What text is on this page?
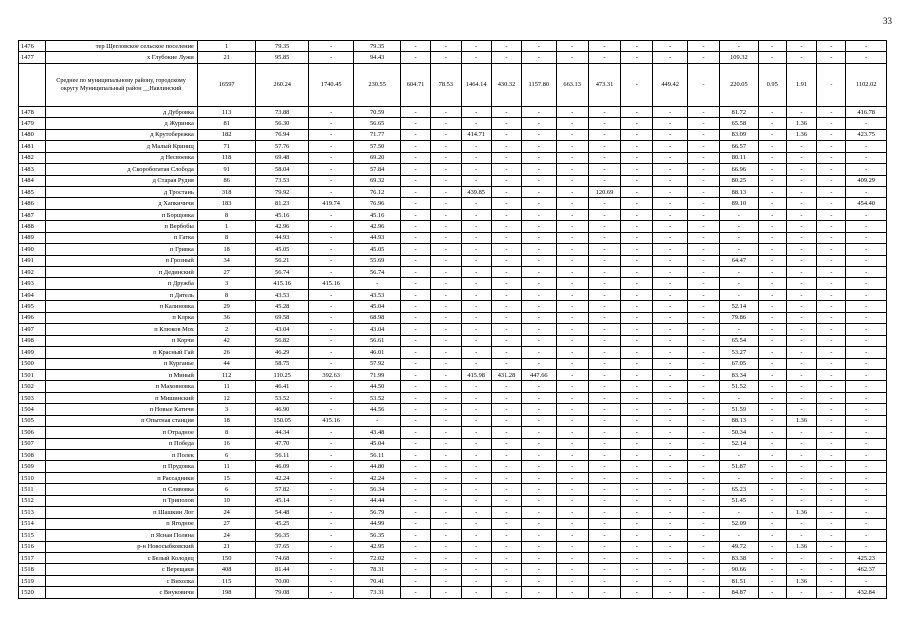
33
1476	тер Щегловское сельское поселение	1	79.35	-	79.35	-	-	-	-	-	-	-	-	-	-	-	-	-	-	-
1477	х Глубокие Лужи	21	95.85	-	94.43	-	-	-	-	-	-	-	-	-	-	109.32	-	-	-	-
	Среднее по муниципальному району, городскому округу Муниципальный район __Навлинский	16597	260.24	1740.45	230.55	604.71	78.53	1464.14	430.32	1157.80	663.13	473.31	-	449.42	-	220.05	0.95	1.91	-	1102.02
1478	д Дубровка	113	73.88	-	70.59	-	-	-	-	-	-	-	-	-	-	81.72	-	-	-	416.78
1479	д Журинка	81	56.30	-	56.65	-	-	-	-	-	-	-	-	-	-	65.58	-	1.36	-	-
1480	д Крутобережка	182	76.94	-	71.77	-	-	414.71	-	-	-	-	-	-	-	83.09	-	1.36	-	423.75
1481	д Малый Криниц	71	57.76	-	57.50	-	-	-	-	-	-	-	-	-	-	66.57	-	-	-	-
1482	д Несвоевка	118	69.48	-	69.20	-	-	-	-	-	-	-	-	-	-	80.11	-	-	-	-
1483	д Скоробогатая Слобода	91	58.04	-	57.84	-	-	-	-	-	-	-	-	-	-	66.96	-	-	-	-
1484	д Старая Рудня	86	73.53	-	69.32	-	-	-	-	-	-	-	-	-	-	80.25	-	-	-	409.29
1485	д Тростань	318	79.92	-	76.12	-	-	439.85	-	-	-	120.69	-	-	-	88.13	-	-	-	-
1486	д Хапкичичи	183	81.23	419.74	76.96	-	-	-	-	-	-	-	-	-	-	89.10	-	-	-	454.40
1487	п Борщовка	8	45.16	-	45.16	-	-	-	-	-	-	-	-	-	-	-	-	-	-	-
1488	п Вербобы	1	42.96	-	42.96	-	-	-	-	-	-	-	-	-	-	-	-	-	-	-
1489	п Гатка	8	44.93	-	44.93	-	-	-	-	-	-	-	-	-	-	-	-	-	-	-
1490	п Гривка	18	45.05	-	45.05	-	-	-	-	-	-	-	-	-	-	-	-	-	-	-
1491	п Грозный	34	56.21	-	55.69	-	-	-	-	-	-	-	-	-	-	64.47	-	-	-	-
1492	п Дединский	27	56.74	-	56.74	-	-	-	-	-	-	-	-	-	-	-	-	-	-	-
1493	п Дружба	3	415.16	415.16	-	-	-	-	-	-	-	-	-	-	-	-	-	-	-	-
1494	п Дятель	8	43.53	-	43.53	-	-	-	-	-	-	-	-	-	-	-	-	-	-	-
1495	п Калиновка	29	45.28	-	45.04	-	-	-	-	-	-	-	-	-	-	52.14	-	-	-	-
1496	п Клрка	36	69.58	-	68.98	-	-	-	-	-	-	-	-	-	-	79.86	-	-	-	-
1497	п Клюков Мох	2	43.04	-	43.04	-	-	-	-	-	-	-	-	-	-	-	-	-	-	-
1498	п Корчи	42	56.82	-	56.61	-	-	-	-	-	-	-	-	-	-	65.54	-	-	-	-
1499	п Красный Гай	26	46.29	-	46.01	-	-	-	-	-	-	-	-	-	-	53.27	-	-	-	-
1500	п Курганье	44	58.75	-	57.92	-	-	-	-	-	-	-	-	-	-	67.05	-	-	-	-
1501	п Миный	112	110.25	392.63	71.99	-	-	415.98	431.28	447.66	-	-	-	-	-	83.34	-	-	-	-
1502	п Маховновка	11	46.41	-	44.50	-	-	-	-	-	-	-	-	-	-	51.52	-	-	-	-
1503	п Мишинский	12	53.52	-	53.52	-	-	-	-	-	-	-	-	-	-	-	-	-	-	-
1504	п Новые Катичи	3	46.90	-	44.56	-	-	-	-	-	-	-	-	-	-	51.59	-	-	-	-
1505	п Опытная станция	18	150.05	415.16	-	-	-	-	-	-	-	-	-	-	-	88.13	-	1.36	-	-
1506	п Отрадное	8	44.34	-	43.48	-	-	-	-	-	-	-	-	-	-	50.34	-	-	-	-
1507	п Победа	16	47.70	-	45.04	-	-	-	-	-	-	-	-	-	-	52.14	-	-	-	-
1508	п Полек	6	56.11	-	56.11	-	-	-	-	-	-	-	-	-	-	-	-	-	-	-
1509	п Прудовка	11	46.09	-	44.80	-	-	-	-	-	-	-	-	-	-	51.87	-	-	-	-
1510	п Рассадники	15	42.24	-	42.24	-	-	-	-	-	-	-	-	-	-	-	-	-	-	-
1511	п Сливовка	6	57.82	-	56.34	-	-	-	-	-	-	-	-	-	-	65.23	-	-	-	-
1512	п Триполов	10	45.14	-	44.44	-	-	-	-	-	-	-	-	-	-	51.45	-	-	-	-
1513	п Шашкин Лог	24	54.48	-	56.79	-	-	-	-	-	-	-	-	-	-	-	-	1.36	-	-
1514	п Ягодное	27	45.25	-	44.99	-	-	-	-	-	-	-	-	-	-	52.09	-	-	-	-
1515	п Ясная Поляна	24	56.35	-	56.35	-	-	-	-	-	-	-	-	-	-	-	-	-	-	-
1516	р-н Новосыбковский	21	37.65	-	42.95	-	-	-	-	-	-	-	-	-	-	49.72	-	1.36	-	-
1517	с Белый Колодец	150	74.68	-	72.02	-	-	-	-	-	-	-	-	-	-	83.38	-	-	-	425.23
1518	с Верещаки	408	81.44	-	78.31	-	-	-	-	-	-	-	-	-	-	90.66	-	-	-	462.37
1519	с Вихолка	115	70.00	-	70.41	-	-	-	-	-	-	-	-	-	-	81.51	-	1.36	-	-
1520	с Внуковичи	198	79.08	-	73.31	-	-	-	-	-	-	-	-	-	-	84.87	-	-	-	432.84
